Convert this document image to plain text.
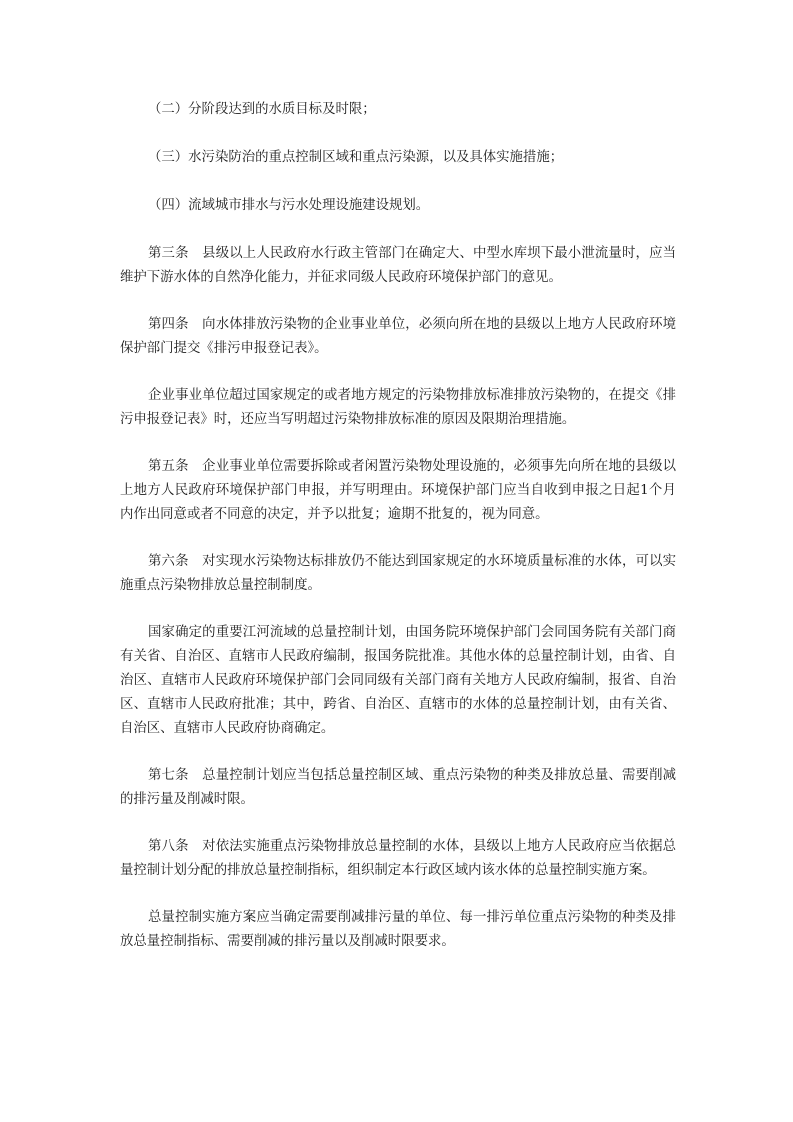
（二）分阶段达到的水质目标及时限；

（三）水污染防治的重点控制区域和重点污染源，以及具体实施措施；

（四）流域城市排水与污水处理设施建设规划。

第三条　县级以上人民政府水行政主管部门在确定大、中型水库坝下最小泄流量时，应当维护下游水体的自然净化能力，并征求同级人民政府环境保护部门的意见。

第四条　向水体排放污染物的企业事业单位，必须向所在地的县级以上地方人民政府环境保护部门提交《排污申报登记表》。

企业事业单位超过国家规定的或者地方规定的污染物排放标准排放污染物的，在提交《排污申报登记表》时，还应当写明超过污染物排放标准的原因及限期治理措施。

第五条　企业事业单位需要拆除或者闲置污染物处理设施的，必须事先向所在地的县级以上地方人民政府环境保护部门申报，并写明理由。环境保护部门应当自收到申报之日起1个月内作出同意或者不同意的决定，并予以批复；逾期不批复的，视为同意。

第六条　对实现水污染物达标排放仍不能达到国家规定的水环境质量标准的水体，可以实施重点污染物排放总量控制制度。

国家确定的重要江河流域的总量控制计划，由国务院环境保护部门会同国务院有关部门商有关省、自治区、直辖市人民政府编制，报国务院批准。其他水体的总量控制计划，由省、自治区、直辖市人民政府环境保护部门会同同级有关部门商有关地方人民政府编制，报省、自治区、直辖市人民政府批准；其中，跨省、自治区、直辖市的水体的总量控制计划，由有关省、自治区、直辖市人民政府协商确定。

第七条　总量控制计划应当包括总量控制区域、重点污染物的种类及排放总量、需要削减的排污量及削减时限。

第八条　对依法实施重点污染物排放总量控制的水体，县级以上地方人民政府应当依据总量控制计划分配的排放总量控制指标，组织制定本行政区域内该水体的总量控制实施方案。

总量控制实施方案应当确定需要削减排污量的单位、每一排污单位重点污染物的种类及排放总量控制指标、需要削减的排污量以及削减时限要求。
